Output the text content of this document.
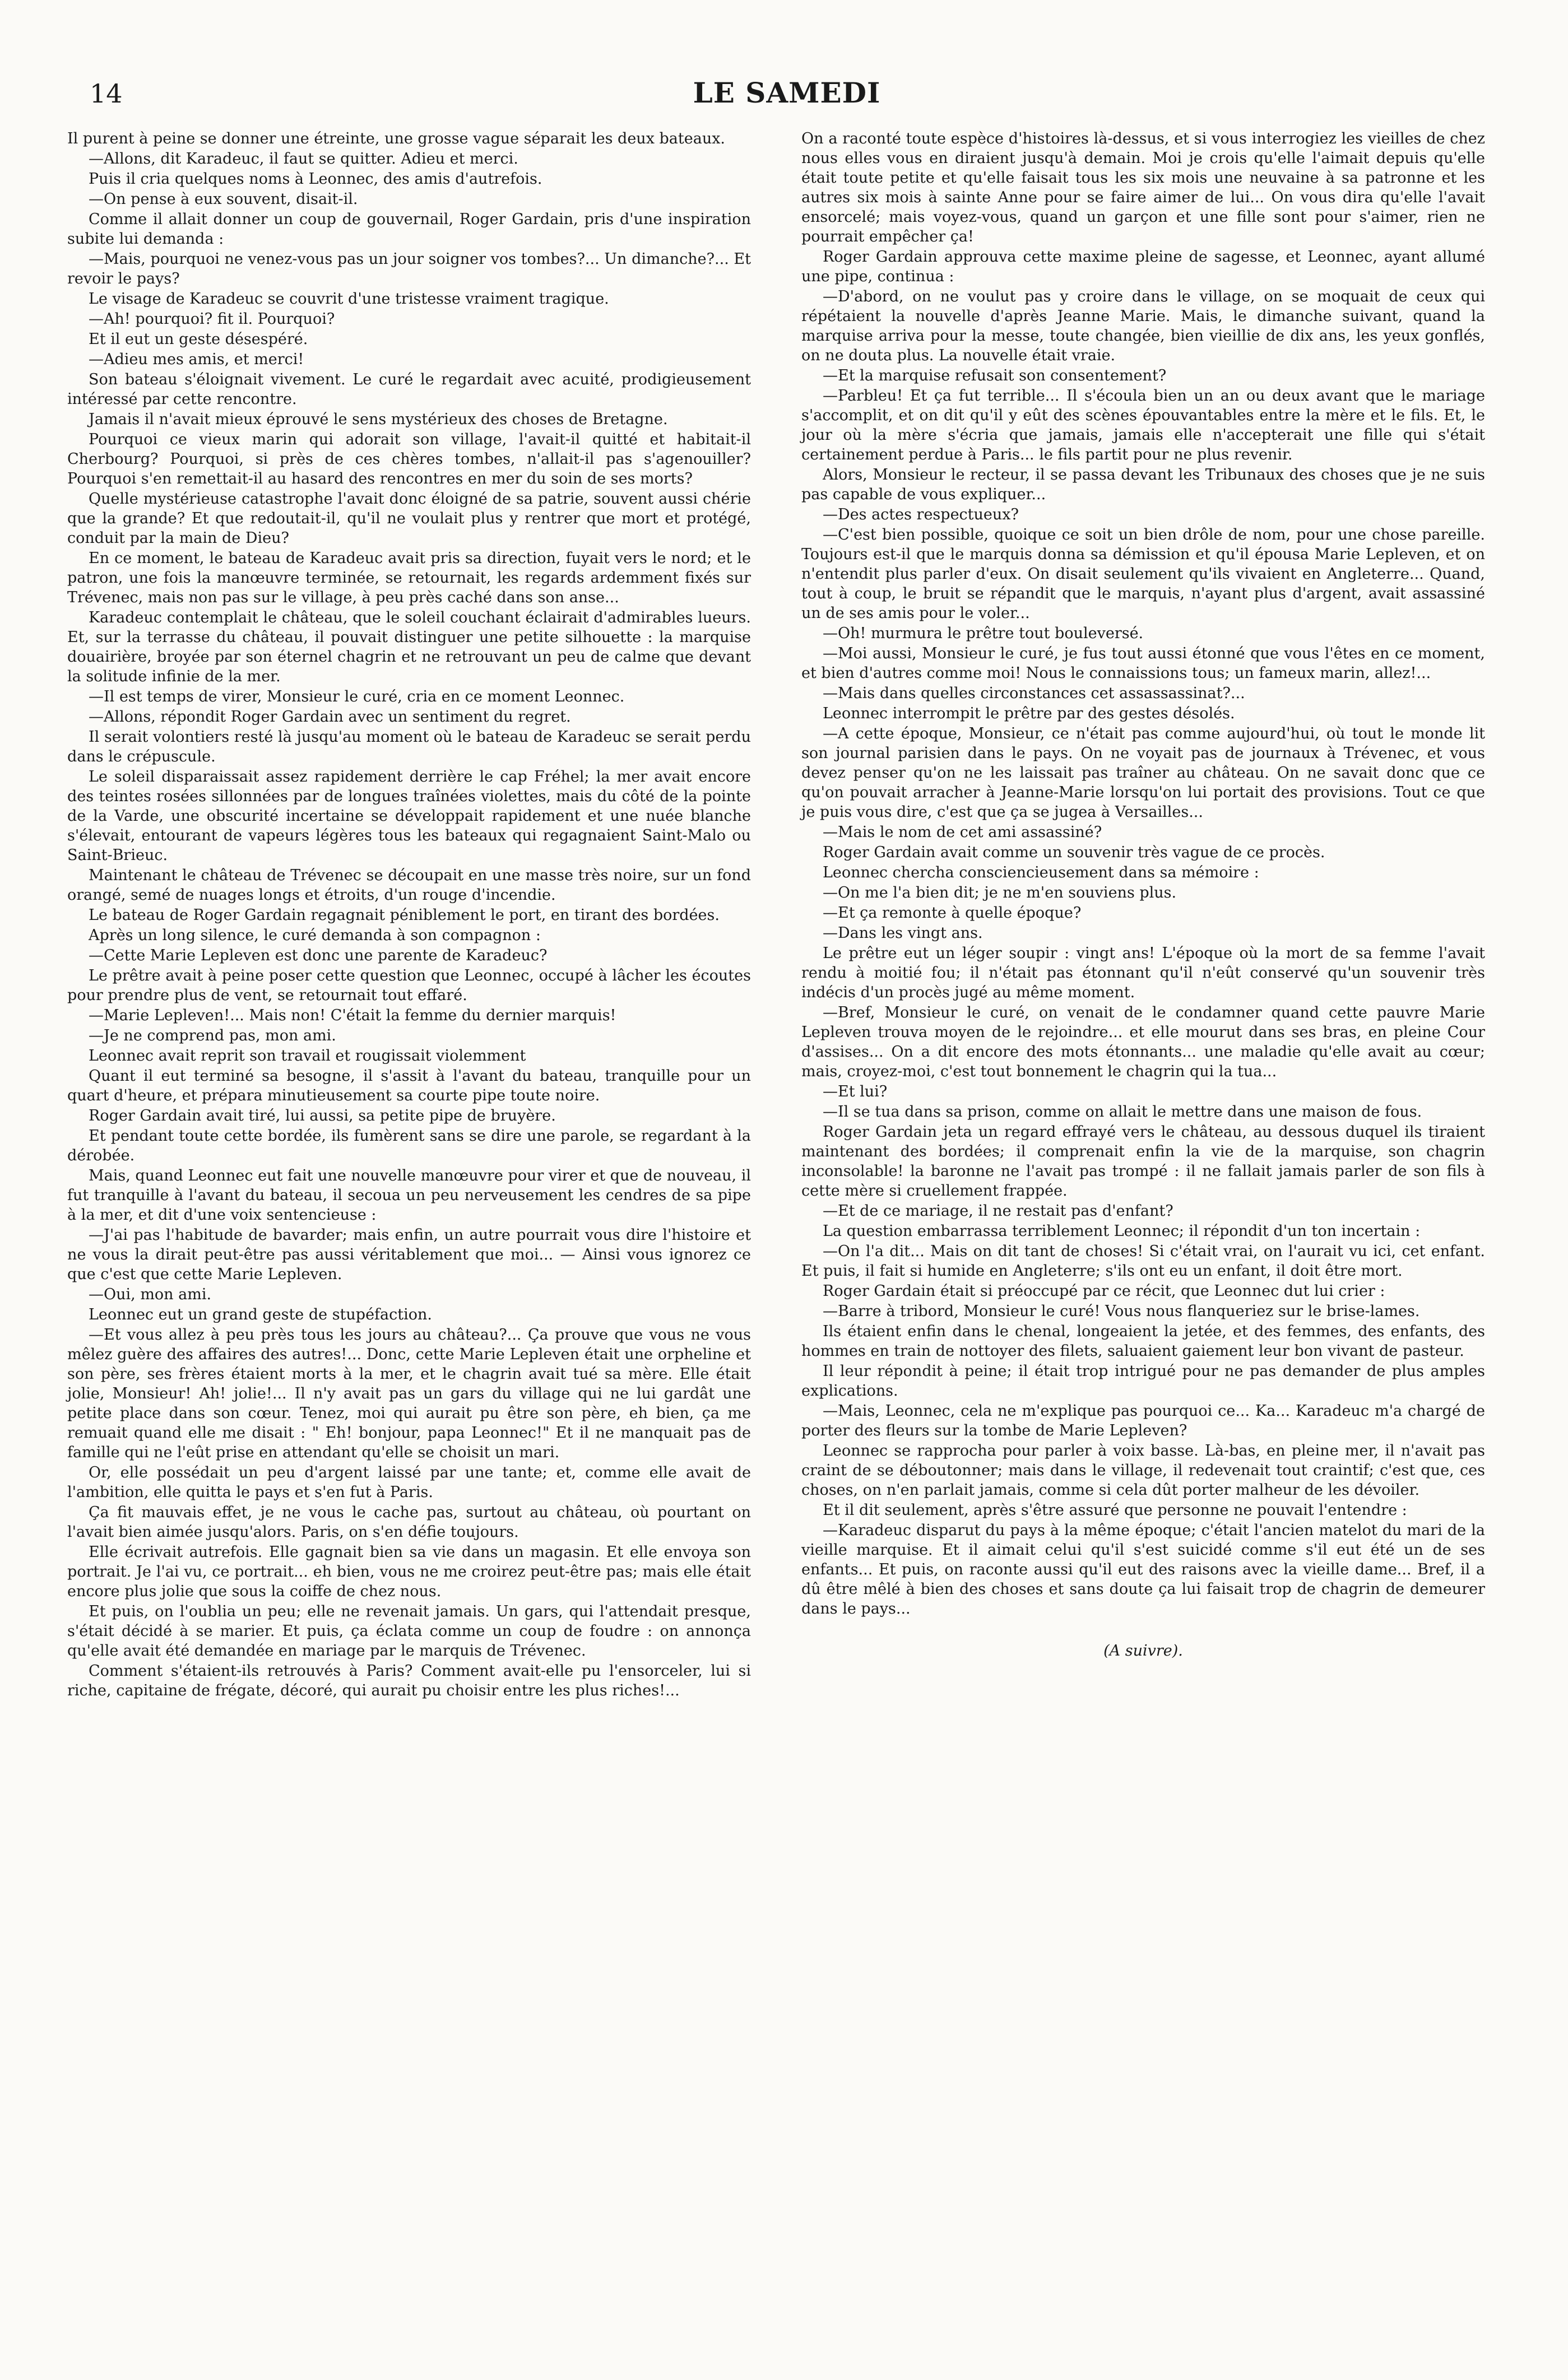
14	LE SAMEDI

Il purent à peine se donner une étreinte, une grosse vague séparait les deux bateaux.

—Allons, dit Karadeuc, il faut se quitter. Adieu et merci.

Puis il cria quelques noms à Leonnec, des amis d'autrefois.

—On pense à eux souvent, disait-il.

Comme il allait donner un coup de gouvernail, Roger Gardain, pris d'une inspiration subite lui demanda :

—Mais, pourquoi ne venez-vous pas un jour soigner vos tombes?... Un dimanche?... Et revoir le pays?

Le visage de Karadeuc se couvrit d'une tristesse vraiment tragique.

—Ah! pourquoi? fit il. Pourquoi?

Et il eut un geste désespéré.

—Adieu mes amis, et merci!

Son bateau s'éloignait vivement. Le curé le regardait avec acuité, prodigieusement intéressé par cette rencontre.

Jamais il n'avait mieux éprouvé le sens mystérieux des choses de Bretagne.

Pourquoi ce vieux marin qui adorait son village, l'avait-il quitté et habitait-il Cherbourg? Pourquoi, si près de ces chères tombes, n'allait-il pas s'agenouiller? Pourquoi s'en remettait-il au hasard des rencontres en mer du soin de ses morts?

Quelle mystérieuse catastrophe l'avait donc éloigné de sa patrie, souvent aussi chérie que la grande? Et que redoutait-il, qu'il ne voulait plus y rentrer que mort et protégé, conduit par la main de Dieu?

En ce moment, le bateau de Karadeuc avait pris sa direction, fuyait vers le nord; et le patron, une fois la manœuvre terminée, se retournait, les regards ardemment fixés sur Trévenec, mais non pas sur le village, à peu près caché dans son anse...

Karadeuc contemplait le château, que le soleil couchant éclairait d'admirables lueurs. Et, sur la terrasse du château, il pouvait distinguer une petite silhouette : la marquise douairière, broyée par son éternel chagrin et ne retrouvant un peu de calme que devant la solitude infinie de la mer.

—Il est temps de virer, Monsieur le curé, cria en ce moment Leonnec.

—Allons, répondit Roger Gardain avec un sentiment du regret.

Il serait volontiers resté là jusqu'au moment où le bateau de Karadeuc se serait perdu dans le crépuscule.

Le soleil disparaissait assez rapidement derrière le cap Fréhel; la mer avait encore des teintes rosées sillonnées par de longues traînées violettes, mais du côté de la pointe de la Varde, une obscurité incertaine se développait rapidement et une nuée blanche s'élevait, entourant de vapeurs légères tous les bateaux qui regagnaient Saint-Malo ou Saint-Brieuc.

Maintenant le château de Trévenec se découpait en une masse très noire, sur un fond orangé, semé de nuages longs et étroits, d'un rouge d'incendie.

Le bateau de Roger Gardain regagnait péniblement le port, en tirant des bordées.

Après un long silence, le curé demanda à son compagnon :

—Cette Marie Lepleven est donc une parente de Karadeuc?

Le prêtre avait à peine poser cette question que Leonnec, occupé à lâcher les écoutes pour prendre plus de vent, se retournait tout effaré.

—Marie Lepleven!... Mais non! C'était la femme du dernier marquis!

—Je ne comprend pas, mon ami.

Leonnec avait reprit son travail et rougissait violemment

Quant il eut terminé sa besogne, il s'assit à l'avant du bateau, tranquille pour un quart d'heure, et prépara minutieusement sa courte pipe toute noire.

Roger Gardain avait tiré, lui aussi, sa petite pipe de bruyère.

Et pendant toute cette bordée, ils fumèrent sans se dire une parole, se regardant à la dérobée.

Mais, quand Leonnec eut fait une nouvelle manœuvre pour virer et que de nouveau, il fut tranquille à l'avant du bateau, il secoua un peu nerveusement les cendres de sa pipe à la mer, et dit d'une voix sentencieuse :

—J'ai pas l'habitude de bavarder; mais enfin, un autre pourrait vous dire l'histoire et ne vous la dirait peut-être pas aussi véritablement que moi... — Ainsi vous ignorez ce que c'est que cette Marie Lepleven.

—Oui, mon ami.

Leonnec eut un grand geste de stupéfaction.

—Et vous allez à peu près tous les jours au château?... Ça prouve que vous ne vous mêlez guère des affaires des autres!... Donc, cette Marie Lepleven était une orpheline et son père, ses frères étaient morts à la mer, et le chagrin avait tué sa mère. Elle était jolie, Monsieur! Ah! jolie!... Il n'y avait pas un gars du village qui ne lui gardât une petite place dans son cœur. Tenez, moi qui aurait pu être son père, eh bien, ça me remuait quand elle me disait : " Eh! bonjour, papa Leonnec!" Et il ne manquait pas de famille qui ne l'eût prise en attendant qu'elle se choisit un mari.

Or, elle possédait un peu d'argent laissé par une tante; et, comme elle avait de l'ambition, elle quitta le pays et s'en fut à Paris.

Ça fit mauvais effet, je ne vous le cache pas, surtout au château, où pourtant on l'avait bien aimée jusqu'alors. Paris, on s'en défie toujours.

Elle écrivait autrefois. Elle gagnait bien sa vie dans un magasin. Et elle envoya son portrait. Je l'ai vu, ce portrait... eh bien, vous ne me croirez peut-être pas; mais elle était encore plus jolie que sous la coiffe de chez nous.

Et puis, on l'oublia un peu; elle ne revenait jamais. Un gars, qui l'attendait presque, s'était décidé à se marier. Et puis, ça éclata comme un coup de foudre : on annonça qu'elle avait été demandée en mariage par le marquis de Trévenec.

Comment s'étaient-ils retrouvés à Paris? Comment avait-elle pu l'ensorceler, lui si riche, capitaine de frégate, décoré, qui aurait pu choisir entre les plus riches!...

On a raconté toute espèce d'histoires là-dessus, et si vous interrogiez les vieilles de chez nous elles vous en diraient jusqu'à demain. Moi je crois qu'elle l'aimait depuis qu'elle était toute petite et qu'elle faisait tous les six mois une neuvaine à sa patronne et les autres six mois à sainte Anne pour se faire aimer de lui... On vous dira qu'elle l'avait ensorcelé; mais voyez-vous, quand un garçon et une fille sont pour s'aimer, rien ne pourrait empêcher ça!

Roger Gardain approuva cette maxime pleine de sagesse, et Leonnec, ayant allumé une pipe, continua :

—D'abord, on ne voulut pas y croire dans le village, on se moquait de ceux qui répétaient la nouvelle d'après Jeanne Marie. Mais, le dimanche suivant, quand la marquise arriva pour la messe, toute changée, bien vieillie de dix ans, les yeux gonflés, on ne douta plus. La nouvelle était vraie.

—Et la marquise refusait son consentement?

—Parbleu! Et ça fut terrible... Il s'écoula bien un an ou deux avant que le mariage s'accomplit, et on dit qu'il y eût des scènes épouvantables entre la mère et le fils. Et, le jour où la mère s'écria que jamais, jamais elle n'accepterait une fille qui s'était certainement perdue à Paris... le fils partit pour ne plus revenir.

Alors, Monsieur le recteur, il se passa devant les Tribunaux des choses que je ne suis pas capable de vous expliquer...

—Des actes respectueux?

—C'est bien possible, quoique ce soit un bien drôle de nom, pour une chose pareille. Toujours est-il que le marquis donna sa démission et qu'il épousa Marie Lepleven, et on n'entendit plus parler d'eux. On disait seulement qu'ils vivaient en Angleterre... Quand, tout à coup, le bruit se répandit que le marquis, n'ayant plus d'argent, avait assassiné un de ses amis pour le voler...

—Oh! murmura le prêtre tout bouleversé.

—Moi aussi, Monsieur le curé, je fus tout aussi étonné que vous l'êtes en ce moment, et bien d'autres comme moi! Nous le connaissions tous; un fameux marin, allez!...

—Mais dans quelles circonstances cet assassassinat?...

Leonnec interrompit le prêtre par des gestes désolés.

—A cette époque, Monsieur, ce n'était pas comme aujourd'hui, où tout le monde lit son journal parisien dans le pays. On ne voyait pas de journaux à Trévenec, et vous devez penser qu'on ne les laissait pas traîner au château. On ne savait donc que ce qu'on pouvait arracher à Jeanne-Marie lorsqu'on lui portait des provisions. Tout ce que je puis vous dire, c'est que ça se jugea à Versailles...

—Mais le nom de cet ami assassiné?

Roger Gardain avait comme un souvenir très vague de ce procès.

Leonnec chercha consciencieusement dans sa mémoire :

—On me l'a bien dit; je ne m'en souviens plus.

—Et ça remonte à quelle époque?

—Dans les vingt ans.

Le prêtre eut un léger soupir : vingt ans! L'époque où la mort de sa femme l'avait rendu à moitié fou; il n'était pas étonnant qu'il n'eût conservé qu'un souvenir très indécis d'un procès jugé au même moment.

—Bref, Monsieur le curé, on venait de le condamner quand cette pauvre Marie Lepleven trouva moyen de le rejoindre... et elle mourut dans ses bras, en pleine Cour d'assises... On a dit encore des mots étonnants... une maladie qu'elle avait au cœur; mais, croyez-moi, c'est tout bonnement le chagrin qui la tua...

—Et lui?

—Il se tua dans sa prison, comme on allait le mettre dans une maison de fous.

Roger Gardain jeta un regard effrayé vers le château, au dessous duquel ils tiraient maintenant des bordées; il comprenait enfin la vie de la marquise, son chagrin inconsolable! la baronne ne l'avait pas trompé : il ne fallait jamais parler de son fils à cette mère si cruellement frappée.

—Et de ce mariage, il ne restait pas d'enfant?

La question embarrassa terriblement Leonnec; il répondit d'un ton incertain :

—On l'a dit... Mais on dit tant de choses! Si c'était vrai, on l'aurait vu ici, cet enfant. Et puis, il fait si humide en Angleterre; s'ils ont eu un enfant, il doit être mort.

Roger Gardain était si préoccupé par ce récit, que Leonnec dut lui crier :

—Barre à tribord, Monsieur le curé! Vous nous flanqueriez sur le brise-lames.

Ils étaient enfin dans le chenal, longeaient la jetée, et des femmes, des enfants, des hommes en train de nottoyer des filets, saluaient gaiement leur bon vivant de pasteur.

Il leur répondit à peine; il était trop intrigué pour ne pas demander de plus amples explications.

—Mais, Leonnec, cela ne m'explique pas pourquoi ce... Ka... Karadeuc m'a chargé de porter des fleurs sur la tombe de Marie Lepleven?

Leonnec se rapprocha pour parler à voix basse. Là-bas, en pleine mer, il n'avait pas craint de se déboutonner; mais dans le village, il redevenait tout craintif; c'est que, ces choses, on n'en parlait jamais, comme si cela dût porter malheur de les dévoiler.

Et il dit seulement, après s'être assuré que personne ne pouvait l'entendre :

—Karadeuc disparut du pays à la même époque; c'était l'ancien matelot du mari de la vieille marquise. Et il aimait celui qu'il s'est suicidé comme s'il eut été un de ses enfants... Et puis, on raconte aussi qu'il eut des raisons avec la vieille dame... Bref, il a dû être mêlé à bien des choses et sans doute ça lui faisait trop de chagrin de demeurer dans le pays...

(A suivre).
